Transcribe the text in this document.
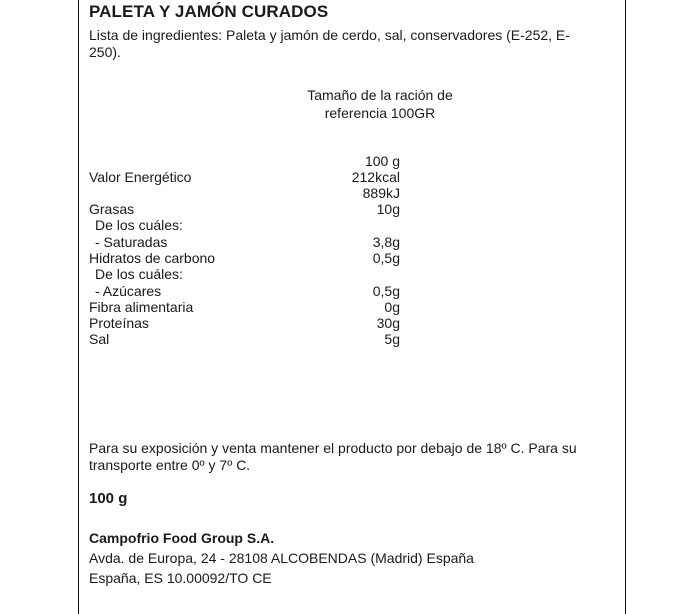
PALETA Y JAMÓN CURADOS
Lista de ingredientes: Paleta y jamón de cerdo, sal, conservadores (E-252, E-250).
Tamaño de la ración de referencia 100GR
100 g
Valor Energético	212kcal
889kJ
Grasas	10g
De los cuáles:
- Saturadas	3,8g
Hidratos de carbono	0,5g
De los cuáles:
- Azúcares	0,5g
Fibra alimentaria	0g
Proteínas	30g
Sal	5g
Para su exposición y venta mantener el producto por debajo de 18º C. Para su transporte entre 0º y 7º C.
100 g
Campofrio Food Group S.A.
Avda. de Europa, 24 - 28108 ALCOBENDAS (Madrid) España
España, ES 10.00092/TO CE
